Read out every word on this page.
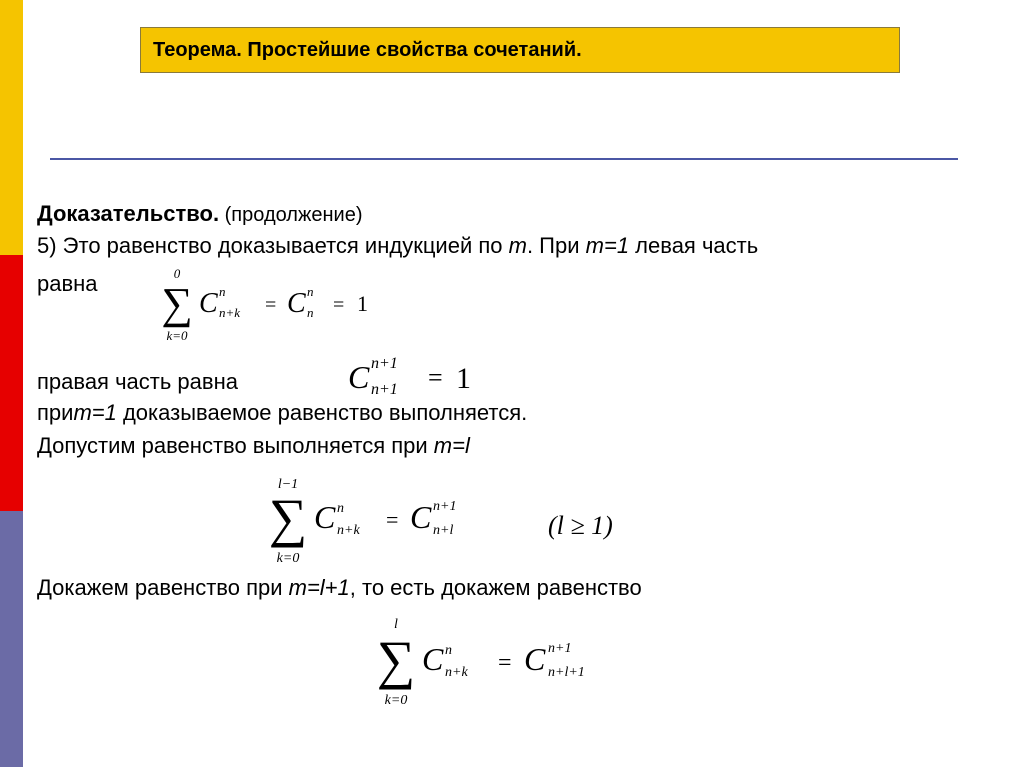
Теорема. Простейшие свойства сочетаний.
Доказательство. (продолжение)
5) Это равенство доказывается индукцией по m. При m=1 левая часть
равна
правая часть равна
приm=1 доказываемое равенство выполняется.
Допустим равенство выполняется при m=l
Докажем равенство при m=l+1, то есть докажем равенство
0
∑
k=0
C n
n+k = C n
n = 1
C n+1
n+1 = 1
l−1
∑
k=0
C n
n+k = C n+1
n+l	(l ≥ 1)
l
∑
k=0
C n
n+k = C n+1
n+l+1
